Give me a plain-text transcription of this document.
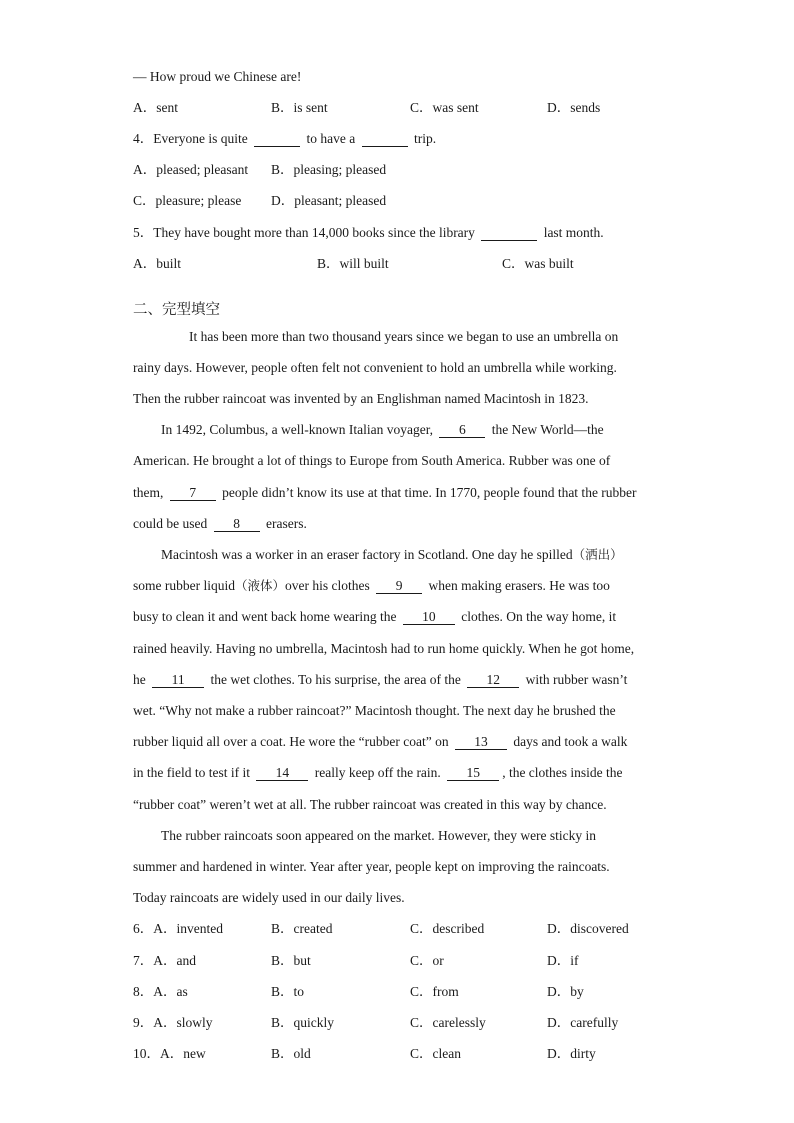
— How proud we Chinese are!
A．sent	B．is sent	C．was sent	D．sends
4．Everyone is quite	to have a	trip.
A．pleased; pleasant B．pleasing; pleased
C．pleasure; please D．pleasant; pleased
5．They have bought more than 14,000 books since the library	last month.
A．built	B．will built	C．was built
二、完型填空
It has been more than two thousand years since we began to use an umbrella on
rainy days. However, people often felt not convenient to hold an umbrella while working.
Then the rubber raincoat was invented by an Englishman named Macintosh in 1823.
In 1492, Columbus, a well-known Italian voyager, 6 the New World—the
American. He brought a lot of things to Europe from South America. Rubber was one of
them, 7 people didn’t know its use at that time. In 1770, people found that the rubber
could be used 8 erasers.
Macintosh was a worker in an eraser factory in Scotland. One day he spilled（洒出）
some rubber liquid（液体）over his clothes 9 when making erasers. He was too
busy to clean it and went back home wearing the 10 clothes. On the way home, it
rained heavily. Having no umbrella, Macintosh had to run home quickly. When he got home,
he 11 the wet clothes. To his surprise, the area of the 12 with rubber wasn’t
wet. “Why not make a rubber raincoat?” Macintosh thought. The next day he brushed the
rubber liquid all over a coat. He wore the “rubber coat” on 13 days and took a walk
in the field to test if it 14 really keep off the rain. 15 , the clothes inside the
“rubber coat” weren’t wet at all. The rubber raincoat was created in this way by chance.
The rubber raincoats soon appeared on the market. However, they were sticky in
summer and hardened in winter. Year after year, people kept on improving the raincoats.
Today raincoats are widely used in our daily lives.
6．A．invented	B．created	C．described	D．discovered
7．A．and	B．but	C．or	D．if
8．A．as	B．to	C．from	D．by
9．A．slowly	B．quickly	C．carelessly	D．carefully
10．A．new	B．old	C．clean	D．dirty
